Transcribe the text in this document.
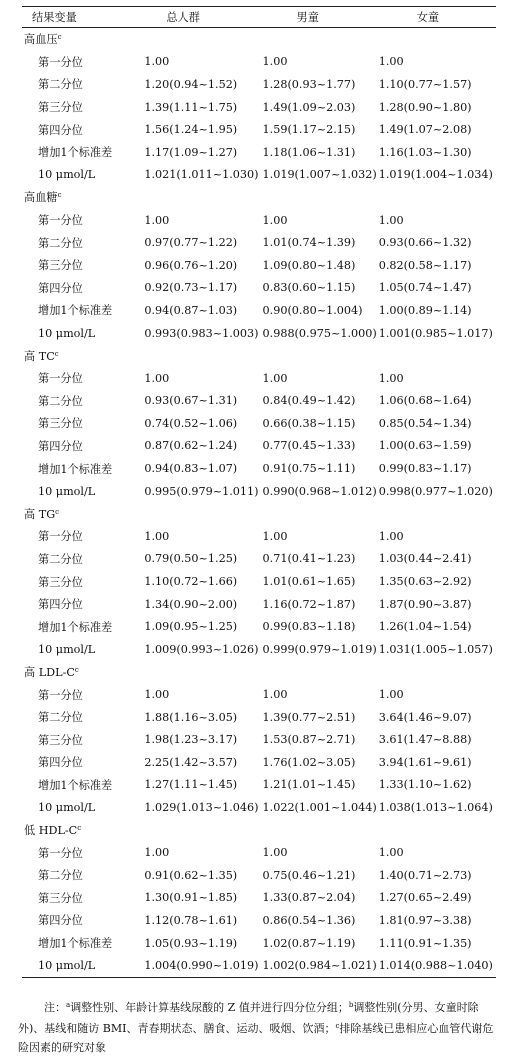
结果变量	总人群	男童	女童
高血压$^c$
第一分位	1.00	1.00	1.00
第二分位	1.20(0.94~1.52)	1.28(0.93~1.77)	1.10(0.77~1.57)
第三分位	1.39(1.11~1.75)	1.49(1.09~2.03)	1.28(0.90~1.80)
第四分位	1.56(1.24~1.95)	1.59(1.17~2.15)	1.49(1.07~2.08)
增加1个标准差	1.17(1.09~1.27)	1.18(1.06~1.31)	1.16(1.03~1.30)
10 μmol/L	1.021(1.011~1.030)	1.019(1.007~1.032)	1.019(1.004~1.034)
高血糖$^c$
第一分位	1.00	1.00	1.00
第二分位	0.97(0.77~1.22)	1.01(0.74~1.39)	0.93(0.66~1.32)
第三分位	0.96(0.76~1.20)	1.09(0.80~1.48)	0.82(0.58~1.17)
第四分位	0.92(0.73~1.17)	0.83(0.60~1.15)	1.05(0.74~1.47)
增加1个标准差	0.94(0.87~1.03)	0.90(0.80~1.004)	1.00(0.89~1.14)
10 μmol/L	0.993(0.983~1.003)	0.988(0.975~1.000)	1.001(0.985~1.017)
高 $TC^c$
第一分位	1.00	1.00	1.00
第二分位	0.93(0.67~1.31)	0.84(0.49~1.42)	1.06(0.68~1.64)
第三分位	0.74(0.52~1.06)	0.66(0.38~1.15)	0.85(0.54~1.34)
第四分位	0.87(0.62~1.24)	0.77(0.45~1.33)	1.00(0.63~1.59)
增加1个标准差	0.94(0.83~1.07)	0.91(0.75~1.11)	0.99(0.83~1.17)
10 μmol/L	0.995(0.979~1.011)	0.990(0.968~1.012)	0.998(0.977~1.020)
高 $TG^c$
第一分位	1.00	1.00	1.00
第二分位	0.79(0.50~1.25)	0.71(0.41~1.23)	1.03(0.44~2.41)
第三分位	1.10(0.72~1.66)	1.01(0.61~1.65)	1.35(0.63~2.92)
第四分位	1.34(0.90~2.00)	1.16(0.72~1.87)	1.87(0.90~3.87)
增加1个标准差	1.09(0.95~1.25)	0.99(0.83~1.18)	1.26(1.04~1.54)
10 μmol/L	1.009(0.993~1.026)	0.999(0.979~1.019)	1.031(1.005~1.057)
高 LDL-$C^c$
第一分位	1.00	1.00	1.00
第二分位	1.88(1.16~3.05)	1.39(0.77~2.51)	3.64(1.46~9.07)
第三分位	1.98(1.23~3.17)	1.53(0.87~2.71)	3.61(1.47~8.88)
第四分位	2.25(1.42~3.57)	1.76(1.02~3.05)	3.94(1.61~9.61)
增加1个标准差	1.27(1.11~1.45)	1.21(1.01~1.45)	1.33(1.10~1.62)
10 μmol/L	1.029(1.013~1.046)	1.022(1.001~1.044)	1.038(1.013~1.064)
低 HDL-$C^c$
第一分位	1.00	1.00	1.00
第二分位	0.91(0.62~1.35)	0.75(0.46~1.21)	1.40(0.71~2.73)
第三分位	1.30(0.91~1.85)	1.33(0.87~2.04)	1.27(0.65~2.49)
第四分位	1.12(0.78~1.61)	0.86(0.54~1.36)	1.81(0.97~3.38)
增加1个标准差	1.05(0.93~1.19)	1.02(0.87~1.19)	1.11(0.91~1.35)
10 μmol/L	1.004(0.990~1.019)	1.002(0.984~1.021)	1.014(0.988~1.040)
注：$^a$调整性别、年龄计算基线尿酸的 Z 值并进行四分位分组；$^b$调整性别(分男、女童时除外)、基线和随访 BMI、青春期状态、膳食、运动、吸烟、饮酒；$^c$排除基线已患相应心血管代谢危险因素的研究对象
